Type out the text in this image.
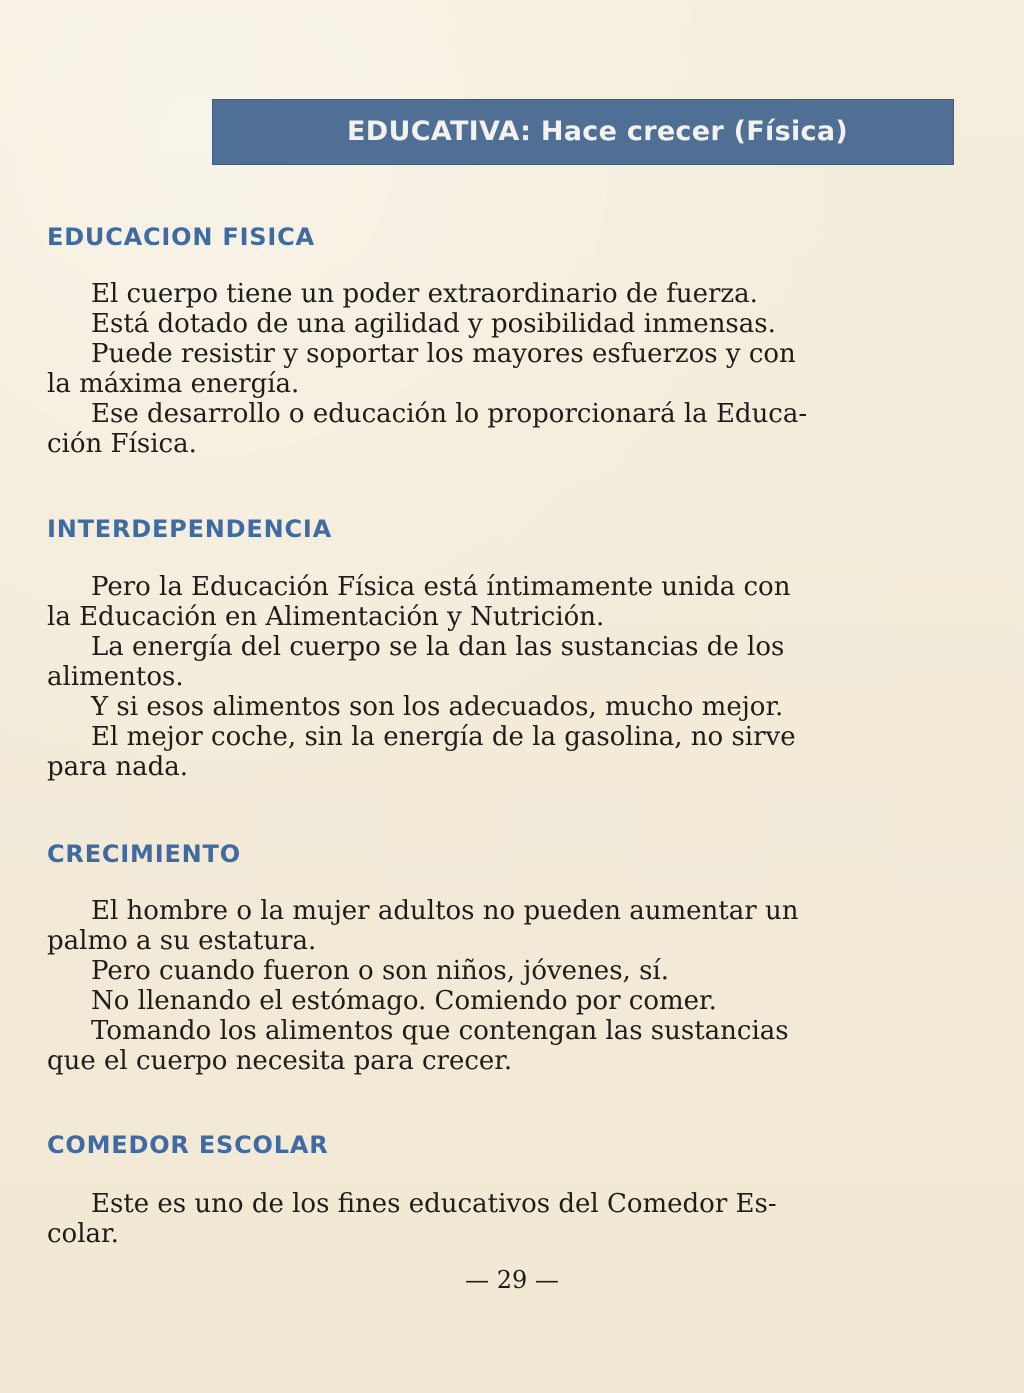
EDUCATIVA: Hace crecer (Física)
EDUCACION FISICA
El cuerpo tiene un poder extraordinario de fuerza.
Está dotado de una agilidad y posibilidad inmensas.
Puede resistir y soportar los mayores esfuerzos y con
la máxima energía.
Ese desarrollo o educación lo proporcionará la Educa-
ción Física.
INTERDEPENDENCIA
Pero la Educación Física está íntimamente unida con
la Educación en Alimentación y Nutrición.
La energía del cuerpo se la dan las sustancias de los
alimentos.
Y si esos alimentos son los adecuados, mucho mejor.
El mejor coche, sin la energía de la gasolina, no sirve
para nada.
CRECIMIENTO
El hombre o la mujer adultos no pueden aumentar un
palmo a su estatura.
Pero cuando fueron o son niños, jóvenes, sí.
No llenando el estómago. Comiendo por comer.
Tomando los alimentos que contengan las sustancias
que el cuerpo necesita para crecer.
COMEDOR ESCOLAR
Este es uno de los fines educativos del Comedor Es-
colar.
— 29 —
